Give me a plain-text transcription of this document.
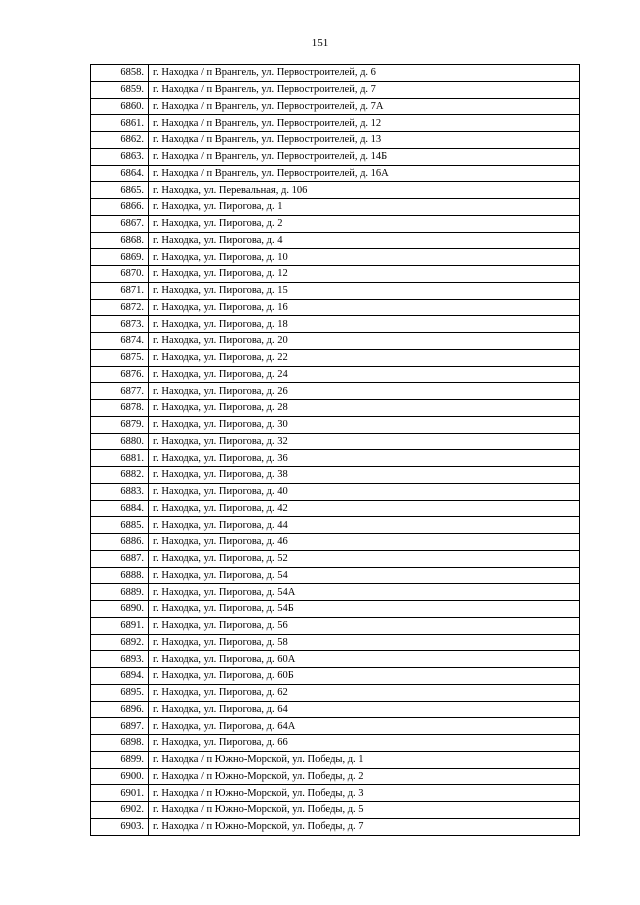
151
6858.	г. Находка / п Врангель, ул. Первостроителей, д. 6
6859.	г. Находка / п Врангель, ул. Первостроителей, д. 7
6860.	г. Находка / п Врангель, ул. Первостроителей, д. 7А
6861.	г. Находка / п Врангель, ул. Первостроителей, д. 12
6862.	г. Находка / п Врангель, ул. Первостроителей, д. 13
6863.	г. Находка / п Врангель, ул. Первостроителей, д. 14Б
6864.	г. Находка / п Врангель, ул. Первостроителей, д. 16А
6865.	г. Находка, ул. Перевальная, д. 106
6866.	г. Находка, ул. Пирогова, д. 1
6867.	г. Находка, ул. Пирогова, д. 2
6868.	г. Находка, ул. Пирогова, д. 4
6869.	г. Находка, ул. Пирогова, д. 10
6870.	г. Находка, ул. Пирогова, д. 12
6871.	г. Находка, ул. Пирогова, д. 15
6872.	г. Находка, ул. Пирогова, д. 16
6873.	г. Находка, ул. Пирогова, д. 18
6874.	г. Находка, ул. Пирогова, д. 20
6875.	г. Находка, ул. Пирогова, д. 22
6876.	г. Находка, ул. Пирогова, д. 24
6877.	г. Находка, ул. Пирогова, д. 26
6878.	г. Находка, ул. Пирогова, д. 28
6879.	г. Находка, ул. Пирогова, д. 30
6880.	г. Находка, ул. Пирогова, д. 32
6881.	г. Находка, ул. Пирогова, д. 36
6882.	г. Находка, ул. Пирогова, д. 38
6883.	г. Находка, ул. Пирогова, д. 40
6884.	г. Находка, ул. Пирогова, д. 42
6885.	г. Находка, ул. Пирогова, д. 44
6886.	г. Находка, ул. Пирогова, д. 46
6887.	г. Находка, ул. Пирогова, д. 52
6888.	г. Находка, ул. Пирогова, д. 54
6889.	г. Находка, ул. Пирогова, д. 54А
6890.	г. Находка, ул. Пирогова, д. 54Б
6891.	г. Находка, ул. Пирогова, д. 56
6892.	г. Находка, ул. Пирогова, д. 58
6893.	г. Находка, ул. Пирогова, д. 60А
6894.	г. Находка, ул. Пирогова, д. 60Б
6895.	г. Находка, ул. Пирогова, д. 62
6896.	г. Находка, ул. Пирогова, д. 64
6897.	г. Находка, ул. Пирогова, д. 64А
6898.	г. Находка, ул. Пирогова, д. 66
6899.	г. Находка / п Южно-Морской, ул. Победы, д. 1
6900.	г. Находка / п Южно-Морской, ул. Победы, д. 2
6901.	г. Находка / п Южно-Морской, ул. Победы, д. 3
6902.	г. Находка / п Южно-Морской, ул. Победы, д. 5
6903.	г. Находка / п Южно-Морской, ул. Победы, д. 7
